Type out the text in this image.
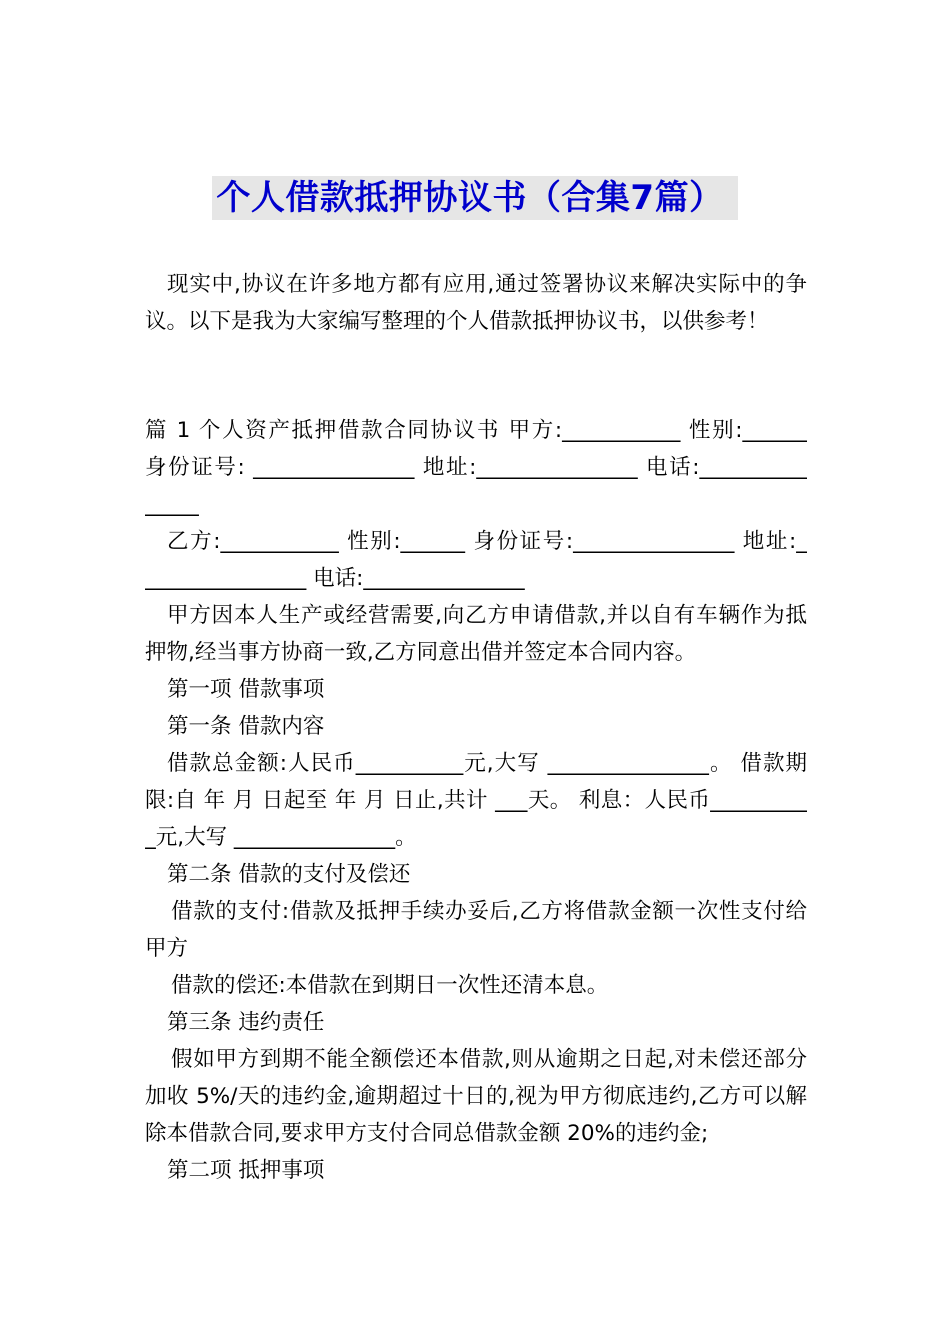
个人借款抵押协议书（合集7篇）
现实中,协议在许多地方都有应用,通过签署协议来解决实际中的争
议。以下是我为大家编写整理的个人借款抵押协议书，以供参考！
篇 1 个人资产抵押借款合同协议书 甲方:___________ 性别:______
身份证号: _______________ 地址:_______________ 电话:__________
_____
乙方:___________ 性别:______ 身份证号:_______________ 地址:_
_______________ 电话:_______________
甲方因本人生产或经营需要,向乙方申请借款,并以自有车辆作为抵
押物,经当事方协商一致,乙方同意出借并签定本合同内容。
第一项 借款事项
第一条 借款内容
借款总金额:人民币__________元,大写 _______________。 借款期
限:自 年 月 日起至 年 月 日止,共计 ___天。 利息：人民币_________
_元,大写 _______________。
第二条 借款的支付及偿还
借款的支付:借款及抵押手续办妥后,乙方将借款金额一次性支付给
甲方
借款的偿还:本借款在到期日一次性还清本息。
第三条 违约责任
假如甲方到期不能全额偿还本借款,则从逾期之日起,对未偿还部分
加收 5%/天的违约金,逾期超过十日的,视为甲方彻底违约,乙方可以解
除本借款合同,要求甲方支付合同总借款金额 20%的违约金;
第二项 抵押事项
